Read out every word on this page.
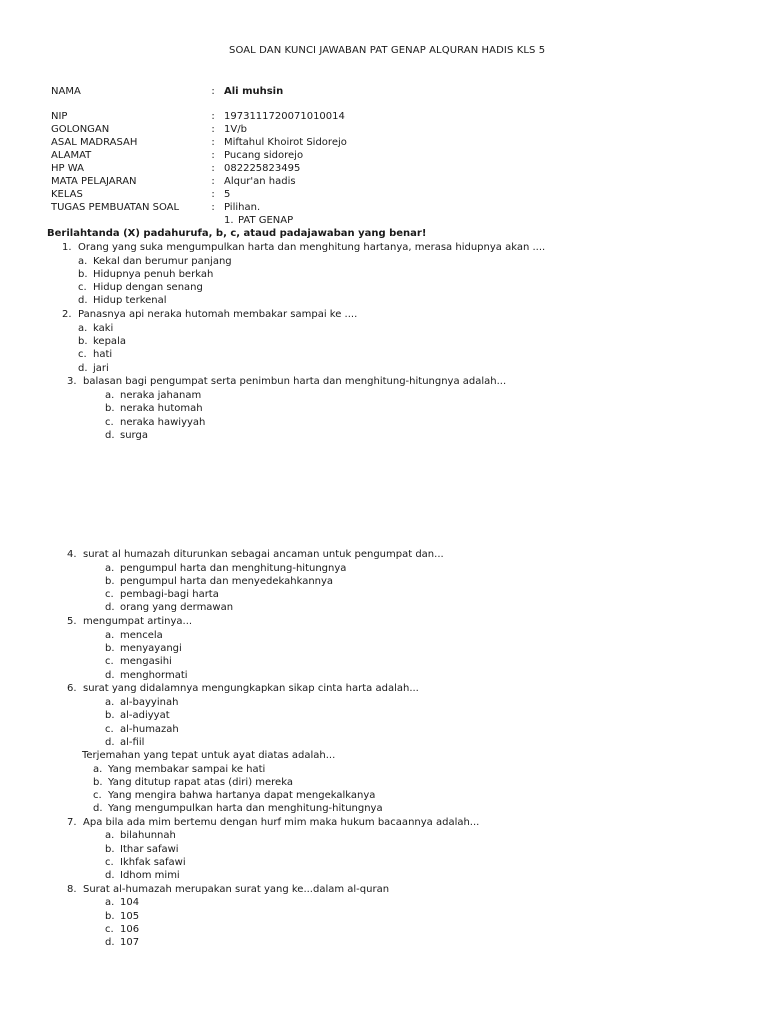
SOAL DAN KUNCI JAWABAN PAT GENAP ALQURAN HADIS KLS 5
NAMA	: Ali muhsin
NIP	: 197311172007101001​4
GOLONGAN	: 1V/b
ASAL MADRASAH	: Miftahul Khoirot Sidorejo
ALAMAT	: Pucang sidorejo
HP WA	: 082225823495
MATA PELAJARAN	: Alqur'an hadis
KELAS	: 5
TUGAS PEMBUATAN SOAL	: Pilihan.
1. PAT GENAP
Berilahtanda (X) padahurufa, b, c, ataud padajawaban yang benar!
1. Orang yang suka mengumpulkan harta dan menghitung hartanya, merasa hidupnya akan ....
a. Kekal dan berumur panjang
b. Hidupnya penuh berkah
c. Hidup dengan senang
d. Hidup terkenal
2. Panasnya api neraka hutomah membakar sampai ke ....
a. kaki
b. kepala
c. hati
d. jari
3. balasan bagi pengumpat serta penimbun harta dan menghitung-hitungnya adalah...
a. neraka jahanam
b. neraka hutomah
c. neraka hawiyyah
d. surga
4. surat al humazah diturunkan sebagai ancaman untuk pengumpat dan...
a. pengumpul harta dan menghitung-hitungnya
b. pengumpul harta dan menyedekahkannya
c. pembagi-bagi harta
d. orang yang dermawan
5. mengumpat artinya...
a. mencela
b. menyayangi
c. mengasihi
d. menghormati
6. surat yang didalamnya mengungkapkan sikap cinta harta adalah...
a. al-bayyinah
b. al-adiyyat
c. al-humazah
d. al-fiil
Terjemahan yang tepat untuk ayat diatas adalah...
a. Yang membakar sampai ke hati
b. Yang ditutup rapat atas (diri) mereka
c. Yang mengira bahwa hartanya dapat mengekalkanya
d. Yang mengumpulkan harta dan menghitung-hitungnya
7. Apa bila ada mim bertemu dengan hurf mim maka hukum bacaannya adalah...
a. bilahunnah
b. Ithar safawi
c. Ikhfak safawi
d. Idhom mimi
8. Surat al-humazah merupakan surat yang ke...dalam al-quran
a. 104
b. 105
c. 106
d. 107
